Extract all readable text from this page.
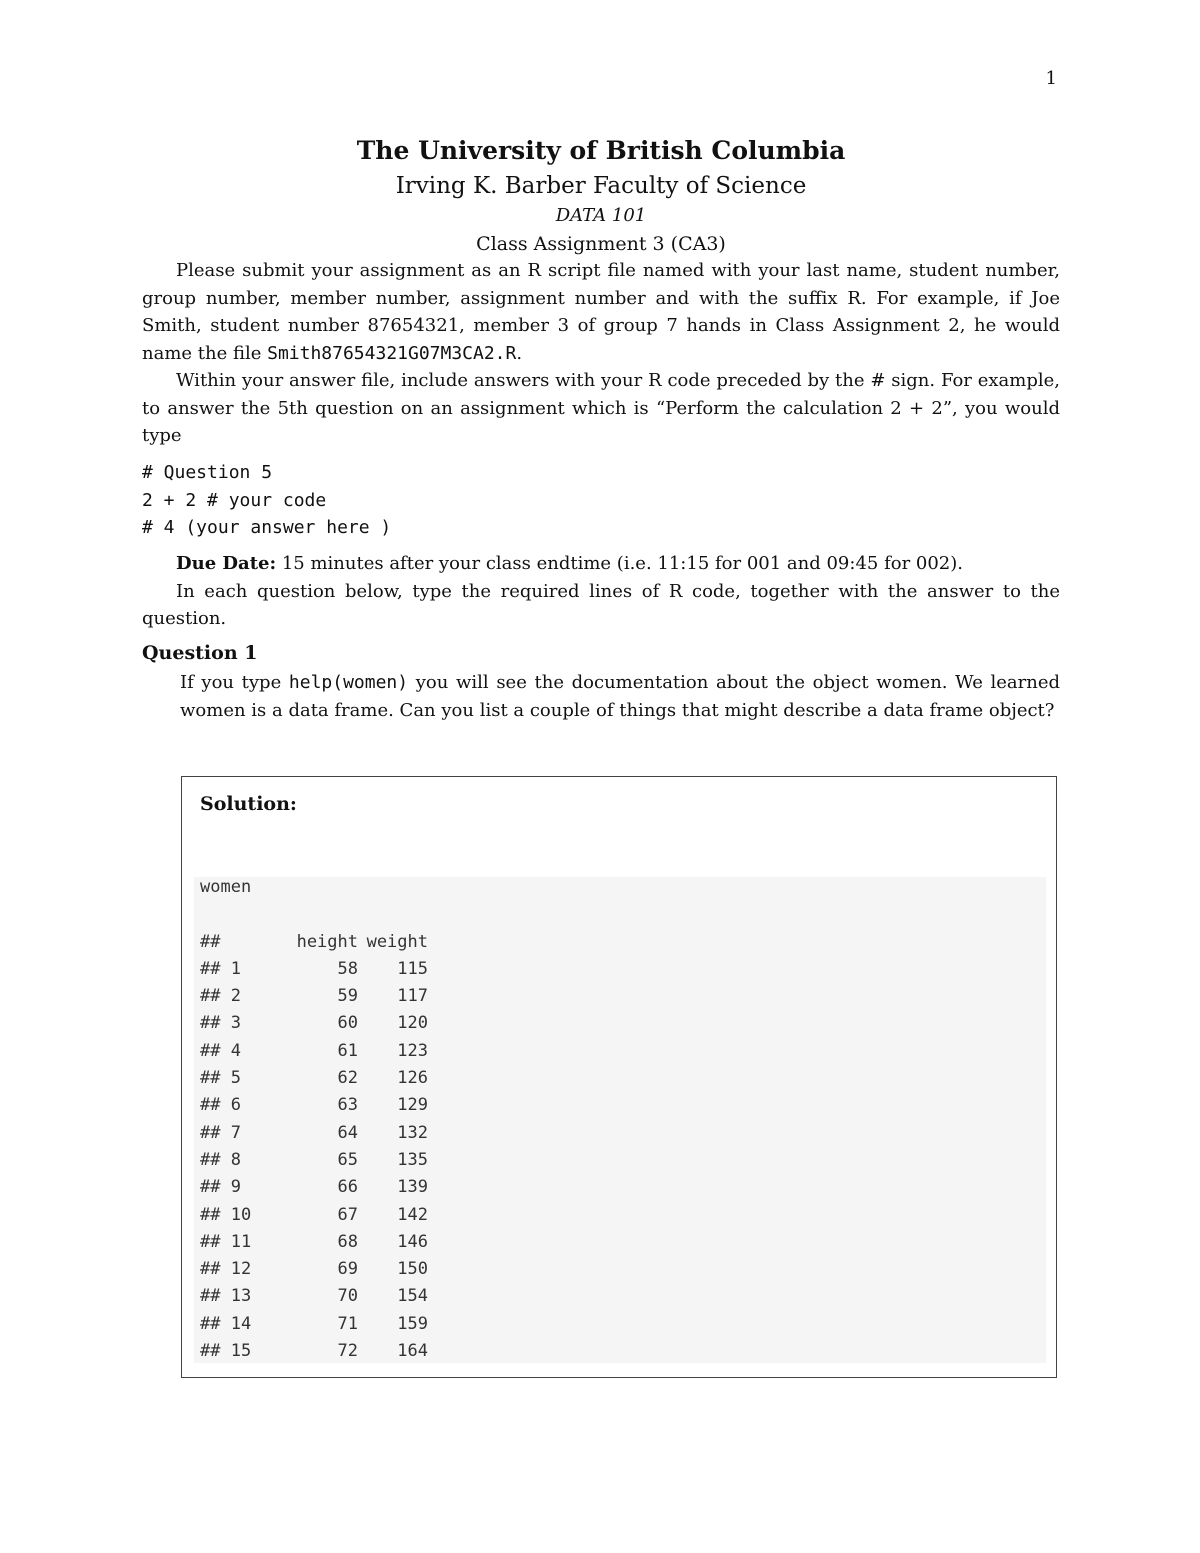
1

The University of British Columbia

Irving K. Barber Faculty of Science

DATA 101

Class Assignment 3 (CA3)

Please submit your assignment as an R script file named with your last name, student number, group number, member number, assignment number and with the suffix R. For example, if Joe Smith, student number 87654321, member 3 of group 7 hands in Class Assignment 2, he would name the file Smith87654321G07M3CA2.R.

Within your answer file, include answers with your R code preceded by the # sign. For example, to answer the 5th question on an assignment which is “Perform the calculation 2 + 2”, you would type

# Question 5
2 + 2 # your code
# 4 (your answer here )

Due Date: 15 minutes after your class endtime (i.e. 11:15 for 001 and 09:45 for 002).

In each question below, type the required lines of R code, together with the answer to the question.

Question 1
If you type help(women) you will see the documentation about the object women. We learned women is a data frame. Can you list a couple of things that might describe a data frame object?
Solution:
women
##	height weight
## 1	58	115
## 2	59	117
## 3	60	120
## 4	61	123
## 5	62	126
## 6	63	129
## 7	64	132
## 8	65	135
## 9	66	139
## 10	67	142
## 11	68	146
## 12	69	150
## 13	70	154
## 14	71	159
## 15	72	164
